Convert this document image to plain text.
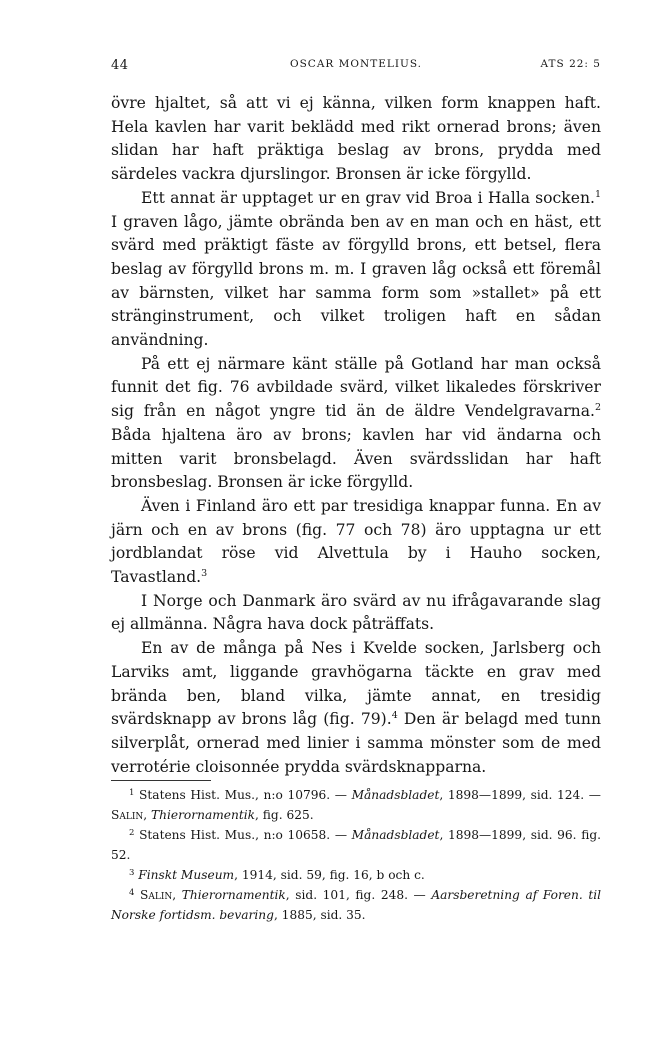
44	OSCAR MONTELIUS.	ATS 22: 5

övre hjaltet, så att vi ej känna, vilken form knappen haft. Hela kavlen har varit beklädd med rikt ornerad brons; även slidan har haft präktiga beslag av brons, prydda med särdeles vackra djurslingor. Bronsen är icke förgylld.

Ett annat är upptaget ur en grav vid Broa i Halla socken.$^1$ I graven lågo, jämte obrända ben av en man och en häst, ett svärd med präktigt fäste av förgylld brons, ett betsel, flera beslag av förgylld brons m. m. I graven låg också ett föremål av bärnsten, vilket har samma form som »stallet» på ett stränginstrument, och vilket troligen haft en sådan användning.

På ett ej närmare känt ställe på Gotland har man också funnit det fig. 76 avbildade svärd, vilket likaledes förskriver sig från en något yngre tid än de äldre Vendelgravarna.$^2$ Båda hjaltena äro av brons; kavlen har vid ändarna och mitten varit bronsbelagd. Även svärdsslidan har haft bronsbeslag. Bronsen är icke förgylld.

Även i Finland äro ett par tresidiga knappar funna. En av järn och en av brons (fig. 77 och 78) äro upptagna ur ett jordblandat röse vid Alvettula by i Hauho socken, Tavastland.$^3$

I Norge och Danmark äro svärd av nu ifrågavarande slag ej allmänna. Några hava dock påträffats.

En av de många på Nes i Kvelde socken, Jarlsberg och Larviks amt, liggande gravhögarna täckte en grav med brända ben, bland vilka, jämte annat, en tresidig svärdsknapp av brons låg (fig. 79).$^4$ Den är belagd med tunn silverplåt, ornerad med linier i samma mönster som de med verrotérie cloisonnée prydda svärdsknapparna.

$^1$ Statens Hist. Mus., n:o 10796. — Månadsbladet, 1898—1899, sid. 124. — Salin, Thierornamentik, fig. 625.

$^2$ Statens Hist. Mus., n:o 10658. — Månadsbladet, 1898—1899, sid. 96. fig. 52.

$^3$ Finskt Museum, 1914, sid. 59, fig. 16, b och c.

$^4$ Salin, Thierornamentik, sid. 101, fig. 248. — Aarsberetning af Foren. til Norske fortidsm. bevaring, 1885, sid. 35.
